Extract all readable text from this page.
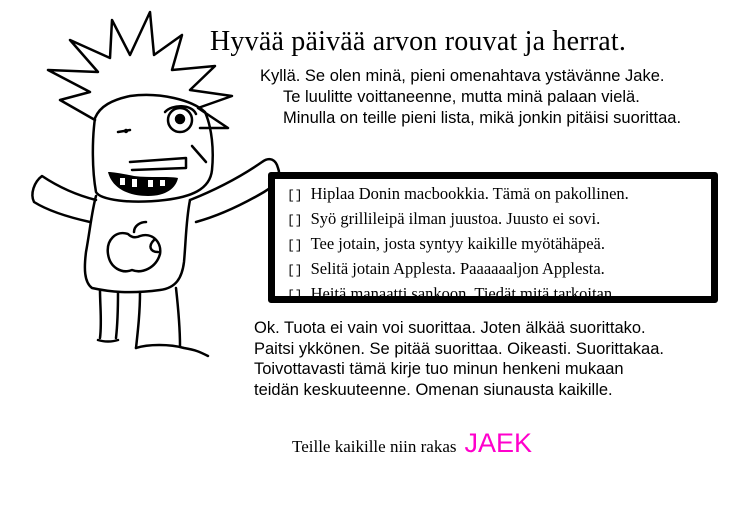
Hyvää päivää arvon rouvat ja herrat.
Kyllä. Se olen minä, pieni omenahtava ystävänne Jake.
Te luulitte voittaneenne, mutta minä palaan vielä.
Minulla on teille pieni lista, mikä jonkin pitäisi suorittaa.
[] Hiplaa Donin macbookkia. Tämä on pakollinen.
[] Syö grillileipä ilman juustoa. Juusto ei sovi.
[] Tee jotain, josta syntyy kaikille myötähäpeä.
[] Selitä jotain Applesta. Paaaaaaljon Applesta.
[] Heitä manaatti sankoon. Tiedät mitä tarkoitan.
Ok. Tuota ei vain voi suorittaa. Joten älkää suorittako.
Paitsi ykkönen. Se pitää suorittaa. Oikeasti. Suorittakaa.
Toivottavasti tämä kirje tuo minun henkeni mukaan
teidän keskuuteenne. Omenan siunausta kaikille.
Teille kaikille niin rakas JAEK
